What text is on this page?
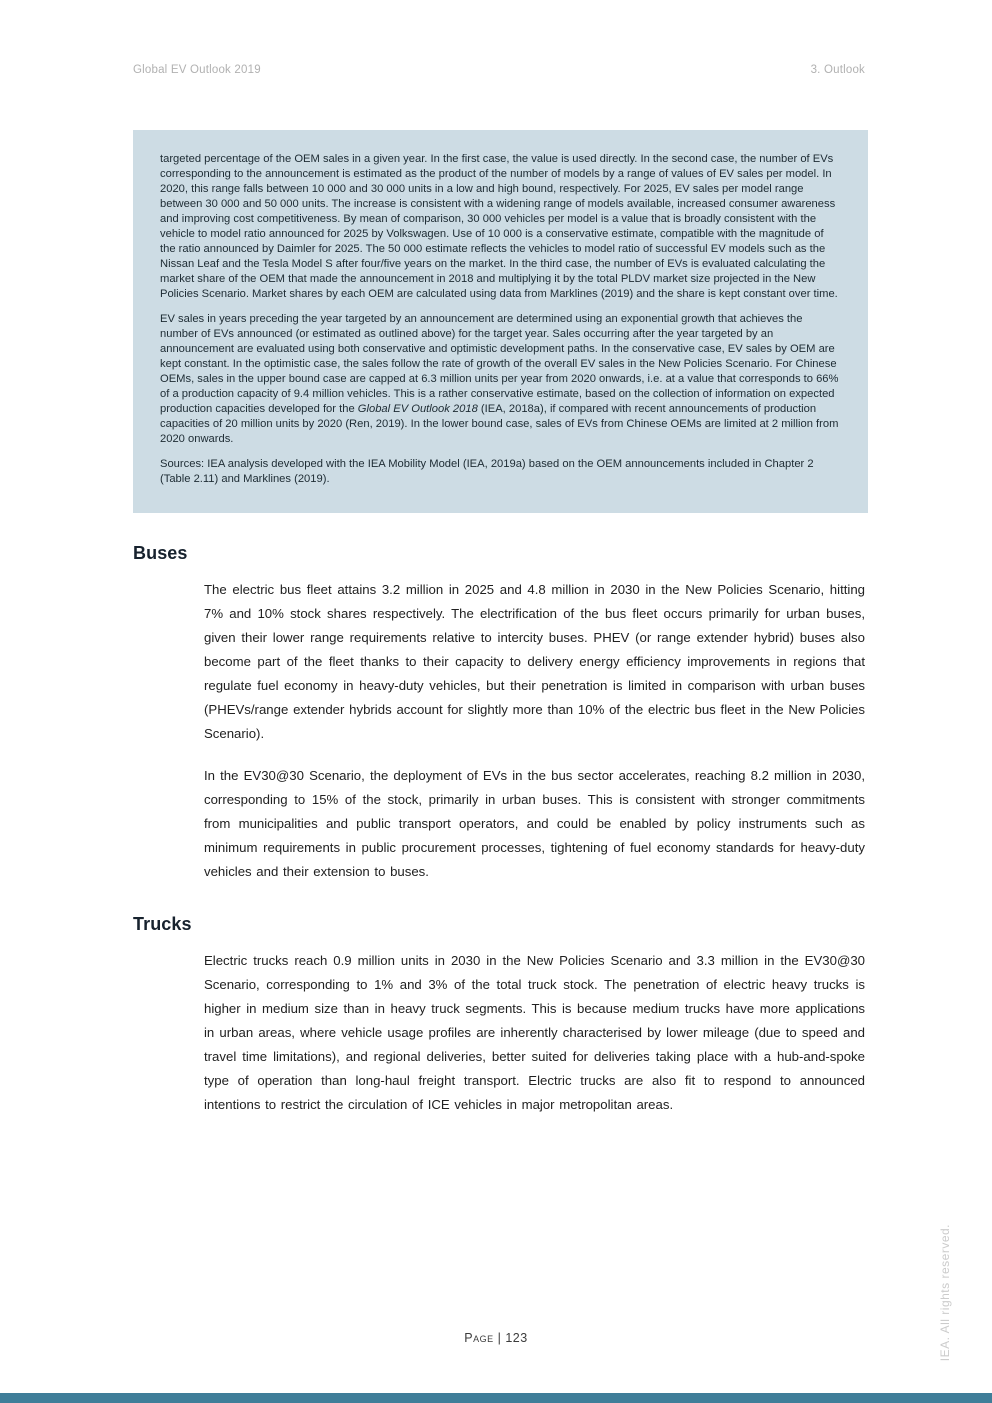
Global EV Outlook 2019	3. Outlook

targeted percentage of the OEM sales in a given year. In the first case, the value is used directly. In the second case, the number of EVs corresponding to the announcement is estimated as the product of the number of models by a range of values of EV sales per model. In 2020, this range falls between 10 000 and 30 000 units in a low and high bound, respectively. For 2025, EV sales per model range between 30 000 and 50 000 units. The increase is consistent with a widening range of models available, increased consumer awareness and improving cost competitiveness. By mean of comparison, 30 000 vehicles per model is a value that is broadly consistent with the vehicle to model ratio announced for 2025 by Volkswagen. Use of 10 000 is a conservative estimate, compatible with the magnitude of the ratio announced by Daimler for 2025. The 50 000 estimate reflects the vehicles to model ratio of successful EV models such as the Nissan Leaf and the Tesla Model S after four/five years on the market. In the third case, the number of EVs is evaluated calculating the market share of the OEM that made the announcement in 2018 and multiplying it by the total PLDV market size projected in the New Policies Scenario. Market shares by each OEM are calculated using data from Marklines (2019) and the share is kept constant over time.

EV sales in years preceding the year targeted by an announcement are determined using an exponential growth that achieves the number of EVs announced (or estimated as outlined above) for the target year. Sales occurring after the year targeted by an announcement are evaluated using both conservative and optimistic development paths. In the conservative case, EV sales by OEM are kept constant. In the optimistic case, the sales follow the rate of growth of the overall EV sales in the New Policies Scenario. For Chinese OEMs, sales in the upper bound case are capped at 6.3 million units per year from 2020 onwards, i.e. at a value that corresponds to 66% of a production capacity of 9.4 million vehicles. This is a rather conservative estimate, based on the collection of information on expected production capacities developed for the Global EV Outlook 2018 (IEA, 2018a), if compared with recent announcements of production capacities of 20 million units by 2020 (Ren, 2019). In the lower bound case, sales of EVs from Chinese OEMs are limited at 2 million from 2020 onwards.

Sources: IEA analysis developed with the IEA Mobility Model (IEA, 2019a) based on the OEM announcements included in Chapter 2 (Table 2.11) and Marklines (2019).

Buses

The electric bus fleet attains 3.2 million in 2025 and 4.8 million in 2030 in the New Policies Scenario, hitting 7% and 10% stock shares respectively. The electrification of the bus fleet occurs primarily for urban buses, given their lower range requirements relative to intercity buses. PHEV (or range extender hybrid) buses also become part of the fleet thanks to their capacity to delivery energy efficiency improvements in regions that regulate fuel economy in heavy-duty vehicles, but their penetration is limited in comparison with urban buses (PHEVs/range extender hybrids account for slightly more than 10% of the electric bus fleet in the New Policies Scenario).

In the EV30@30 Scenario, the deployment of EVs in the bus sector accelerates, reaching 8.2 million in 2030, corresponding to 15% of the stock, primarily in urban buses. This is consistent with stronger commitments from municipalities and public transport operators, and could be enabled by policy instruments such as minimum requirements in public procurement processes, tightening of fuel economy standards for heavy-duty vehicles and their extension to buses.

Trucks

Electric trucks reach 0.9 million units in 2030 in the New Policies Scenario and 3.3 million in the EV30@30 Scenario, corresponding to 1% and 3% of the total truck stock. The penetration of electric heavy trucks is higher in medium size than in heavy truck segments. This is because medium trucks have more applications in urban areas, where vehicle usage profiles are inherently characterised by lower mileage (due to speed and travel time limitations), and regional deliveries, better suited for deliveries taking place with a hub-and-spoke type of operation than long-haul freight transport. Electric trucks are also fit to respond to announced intentions to restrict the circulation of ICE vehicles in major metropolitan areas.

Page | 123	IEA. All rights reserved.
